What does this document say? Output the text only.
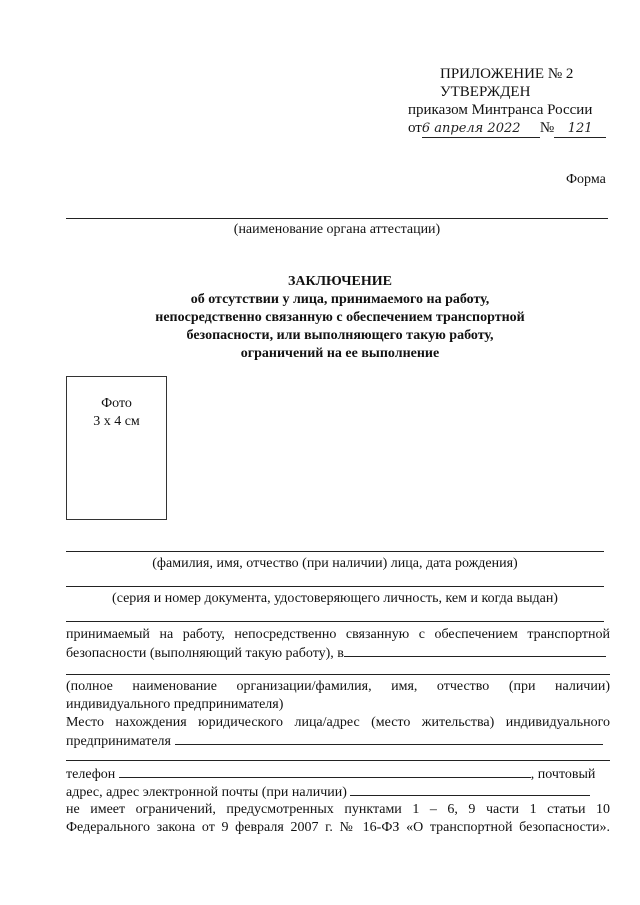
ПРИЛОЖЕНИЕ № 2
УТВЕРЖДЕН
приказом Минтранса России
от6 апреля 2022 № 121
Форма
(наименование органа аттестации)
ЗАКЛЮЧЕНИЕ
об отсутствии у лица, принимаемого на работу,
непосредственно связанную с обеспечением транспортной
безопасности, или выполняющего такую работу,
ограничений на ее выполнение
Фото
3 х 4 см
(фамилия, имя, отчество (при наличии) лица, дата рождения)
(серия и номер документа, удостоверяющего личность, кем и когда выдан)
принимаемый на работу, непосредственно связанную с обеспечением транспортной
безопасности (выполняющий такую работу), в
(полное наименование организации/фамилия, имя, отчество (при наличии)
индивидуального предпринимателя)
Место нахождения юридического лица/адрес (место жительства) индивидуального
предпринимателя
телефон	, почтовый
адрес, адрес электронной почты (при наличии)
не имеет ограничений, предусмотренных пунктами 1 – 6, 9 части 1 статьи 10
Федерального закона от 9 февраля 2007 г. № 16-ФЗ «О транспортной безопасности».
